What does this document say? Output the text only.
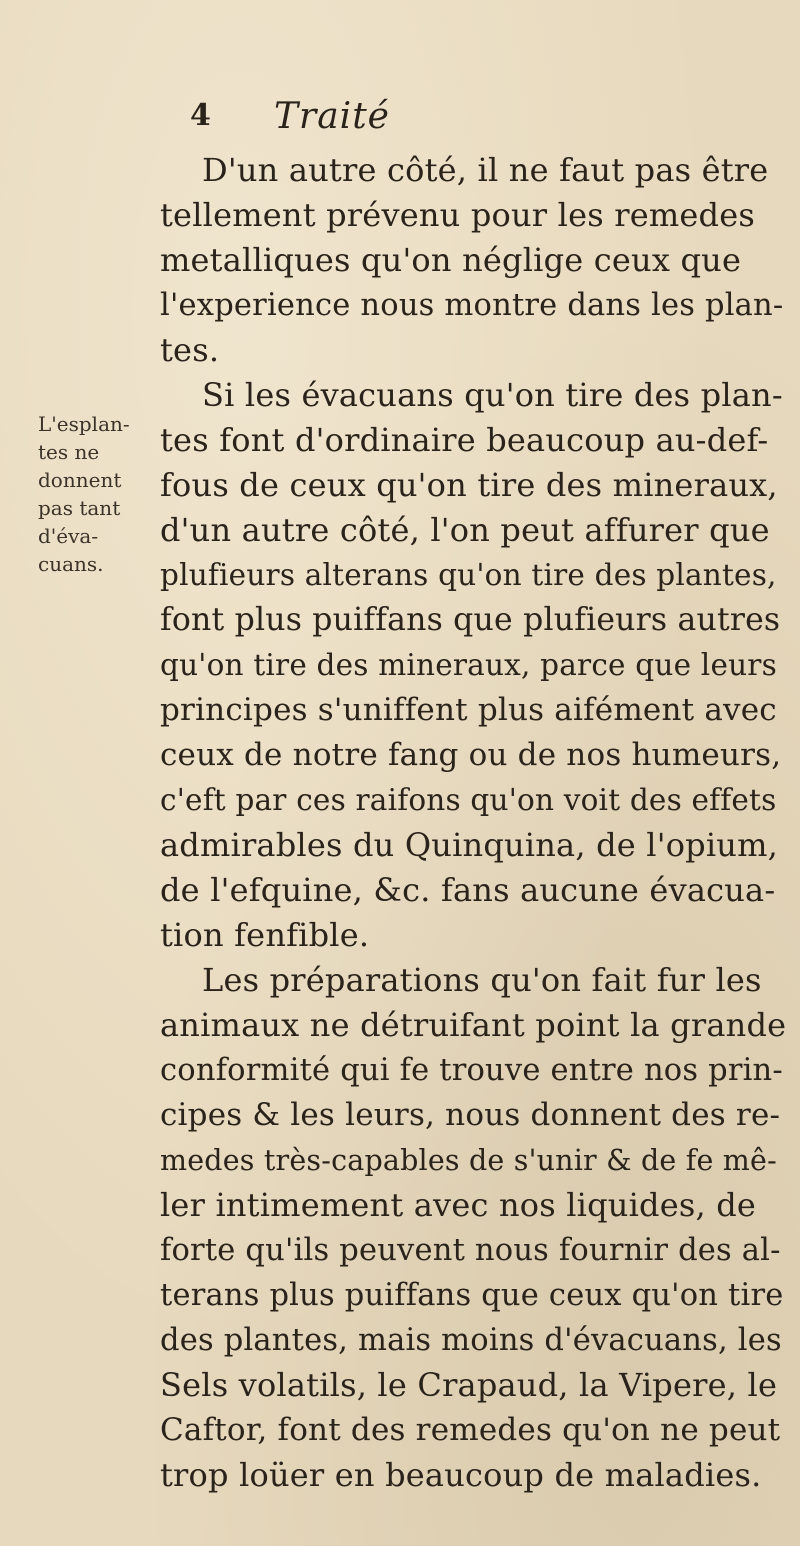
4 Traité
L'esplan-
tes ne
donnent
pas tant
d'éva-
cuans.
D'un autre côté, il ne faut pas être
tellement prévenu pour les remedes
metalliques qu'on néglige ceux que
l'experience nous montre dans les plan-
tes.
Si les évacuans qu'on tire des plan-
tes font d'ordinaire beaucoup au-def-
fous de ceux qu'on tire des mineraux,
d'un autre côté, l'on peut affurer que
plufieurs alterans qu'on tire des plantes,
font plus puiffans que plufieurs autres
qu'on tire des mineraux, parce que leurs
principes s'uniffent plus aifément avec
ceux de notre fang ou de nos humeurs,
c'eft par ces raifons qu'on voit des effets
admirables du Quinquina, de l'opium,
de l'efquine, &c. fans aucune évacua-
tion fenfible.
Les préparations qu'on fait fur les
animaux ne détruifant point la grande
conformité qui fe trouve entre nos prin-
cipes & les leurs, nous donnent des re-
medes très-capables de s'unir & de fe mê-
ler intimement avec nos liquides, de
forte qu'ils peuvent nous fournir des al-
terans plus puiffans que ceux qu'on tire
des plantes, mais moins d'évacuans, les
Sels volatils, le Crapaud, la Vipere, le
Caftor, font des remedes qu'on ne peut
trop loüer en beaucoup de maladies.
